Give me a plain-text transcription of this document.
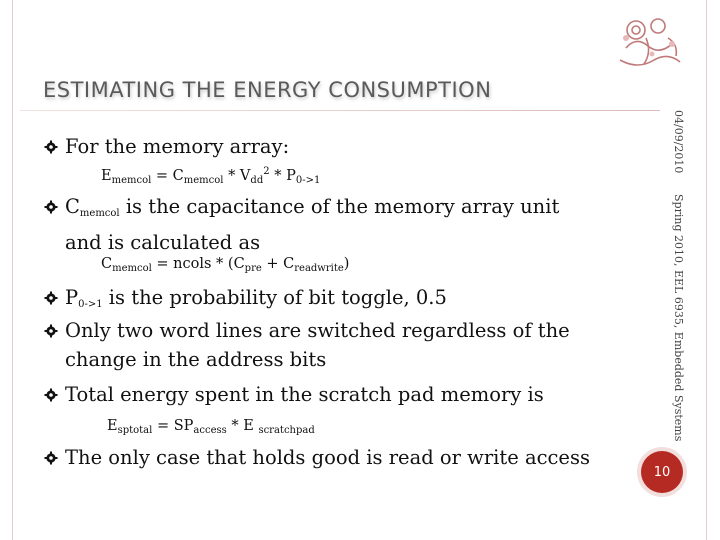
ESTIMATING THE ENERGY CONSUMPTION
04/09/2010
Spring 2010, EEL 6935, Embedded Systems
10
For the memory array:
$E_{memcol} = C_{memcol} * V_{dd}^2 * P_{0->1}$
$C_{memcol}$ is the capacitance of the memory array unit
and is calculated as
$C_{memcol}$ = ncols * $(C_{pre} + C_{readwrite})$
$P_{0->1}$ is the probability of bit toggle, 0.5
Only two word lines are switched regardless of the
change in the address bits
Total energy spent in the scratch pad memory is
$E_{sptotal} = SP_{access} * E$ $_{scratchpad}$
The only case that holds good is read or write access
